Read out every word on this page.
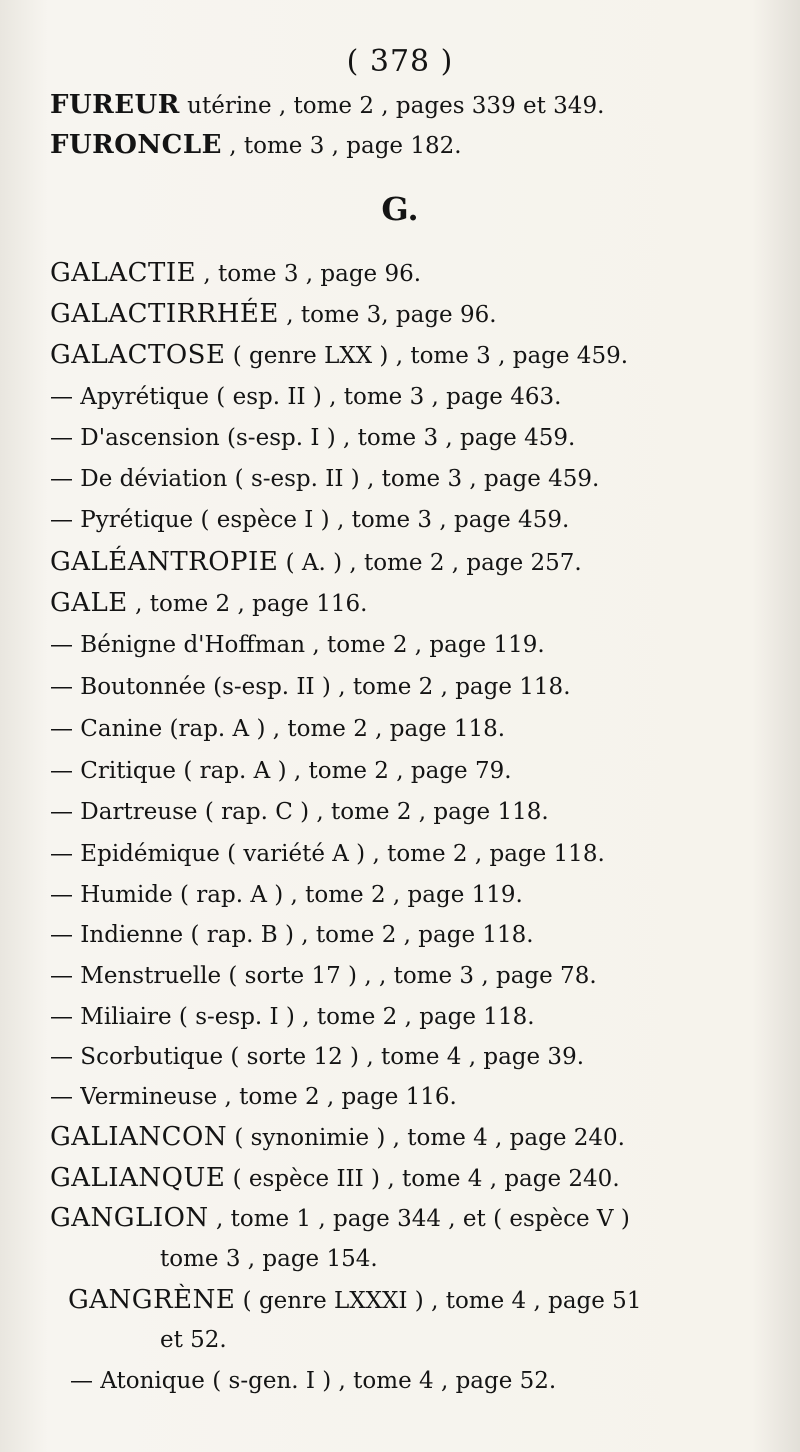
( 378 )
FUREUR utérine , tome 2 , pages 339 et 349.
FURONCLE , tome 3 , page 182.
G.
GALACTIE , tome 3 , page 96.
GALACTIRRHÉE , tome 3, page 96.
GALACTOSE ( genre LXX ) , tome 3 , page 459.
— Apyrétique ( esp. II ) , tome 3 , page 463.
— D'ascension (s-esp. I ) , tome 3 , page 459.
— De déviation ( s-esp. II ) , tome 3 , page 459.
— Pyrétique ( espèce I ) , tome 3 , page 459.
GALÉANTROPIE ( A. ) , tome 2 , page 257.
GALE , tome 2 , page 116.
— Bénigne d'Hoffman , tome 2 , page 119.
— Boutonnée (s-esp. II ) , tome 2 , page 118.
— Canine (rap. A ) , tome 2 , page 118.
— Critique ( rap. A ) , tome 2 , page 79.
— Dartreuse ( rap. C ) , tome 2 , page 118.
— Epidémique ( variété A ) , tome 2 , page 118.
— Humide ( rap. A ) , tome 2 , page 119.
— Indienne ( rap. B ) , tome 2 , page 118.
— Menstruelle ( sorte 17 ) , , tome 3 , page 78.
— Miliaire ( s-esp. I ) , tome 2 , page 118.
— Scorbutique ( sorte 12 ) , tome 4 , page 39.
— Vermineuse , tome 2 , page 116.
GALIANCON ( synonimie ) , tome 4 , page 240.
GALIANQUE ( espèce III ) , tome 4 , page 240.
GANGLION , tome 1 , page 344 , et ( espèce V )
tome 3 , page 154.
GANGRÈNE ( genre LXXXI ) , tome 4 , page 51
et 52.
— Atonique ( s-gen. I ) , tome 4 , page 52.
